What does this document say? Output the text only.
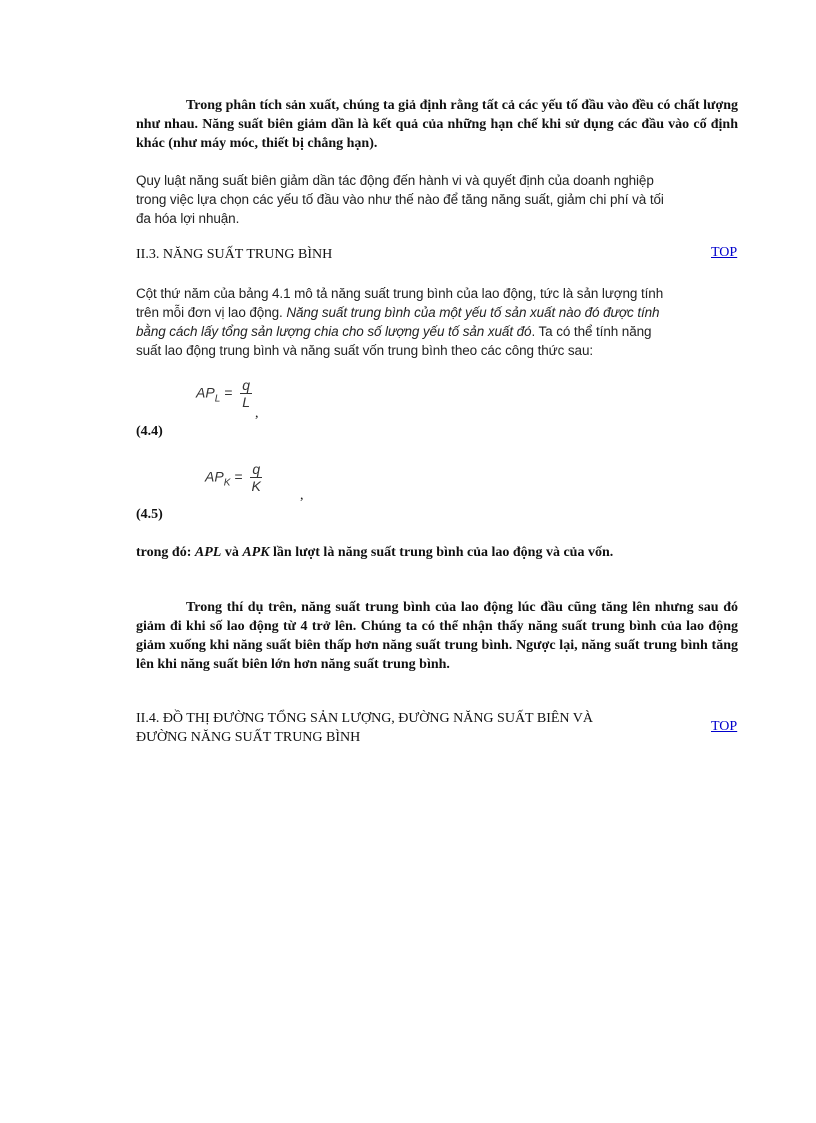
Trong phân tích sản xuất, chúng ta giả định rằng tất cả các yếu tố đầu vào đều có chất lượng như nhau. Năng suất biên giảm dần là kết quả của những hạn chế khi sử dụng các đầu vào cố định khác (như máy móc, thiết bị chẳng hạn).
Quy luật năng suất biên giảm dần tác động đến hành vi và quyết định của doanh nghiệp
trong việc lựa chọn các yếu tố đầu vào như thế nào để tăng năng suất, giảm chi phí và tối
đa hóa lợi nhuận.
II.3. NĂNG SUẤT TRUNG BÌNH	TOP
Cột thứ năm của bảng 4.1 mô tả năng suất trung bình của lao động, tức là sản lượng tính
trên mỗi đơn vị lao động. Năng suất trung bình của một yếu tố sản xuất nào đó được tính
bằng cách lấy tổng sản lượng chia cho số lượng yếu tố sản xuất đó. Ta có thể tính năng
suất lao động trung bình và năng suất vốn trung bình theo các công thức sau:
$AP_L = \frac{q}{L}$
,
(4.4)
$AP_K = \frac{q}{K}$
,
(4.5)
trong đó: APL và APK lần lượt là năng suất trung bình của lao động và của vốn.
Trong thí dụ trên, năng suất trung bình của lao động lúc đầu cũng tăng lên nhưng sau đó giảm đi khi số lao động từ 4 trở lên. Chúng ta có thể nhận thấy năng suất trung bình của lao động giảm xuống khi năng suất biên thấp hơn năng suất trung bình. Ngược lại, năng suất trung bình tăng lên khi năng suất biên lớn hơn năng suất trung bình.
II.4. ĐỒ THỊ ĐƯỜNG TỔNG SẢN LƯỢNG, ĐƯỜNG NĂNG SUẤT BIÊN VÀ
ĐƯỜNG NĂNG SUẤT TRUNG BÌNH
TOP
